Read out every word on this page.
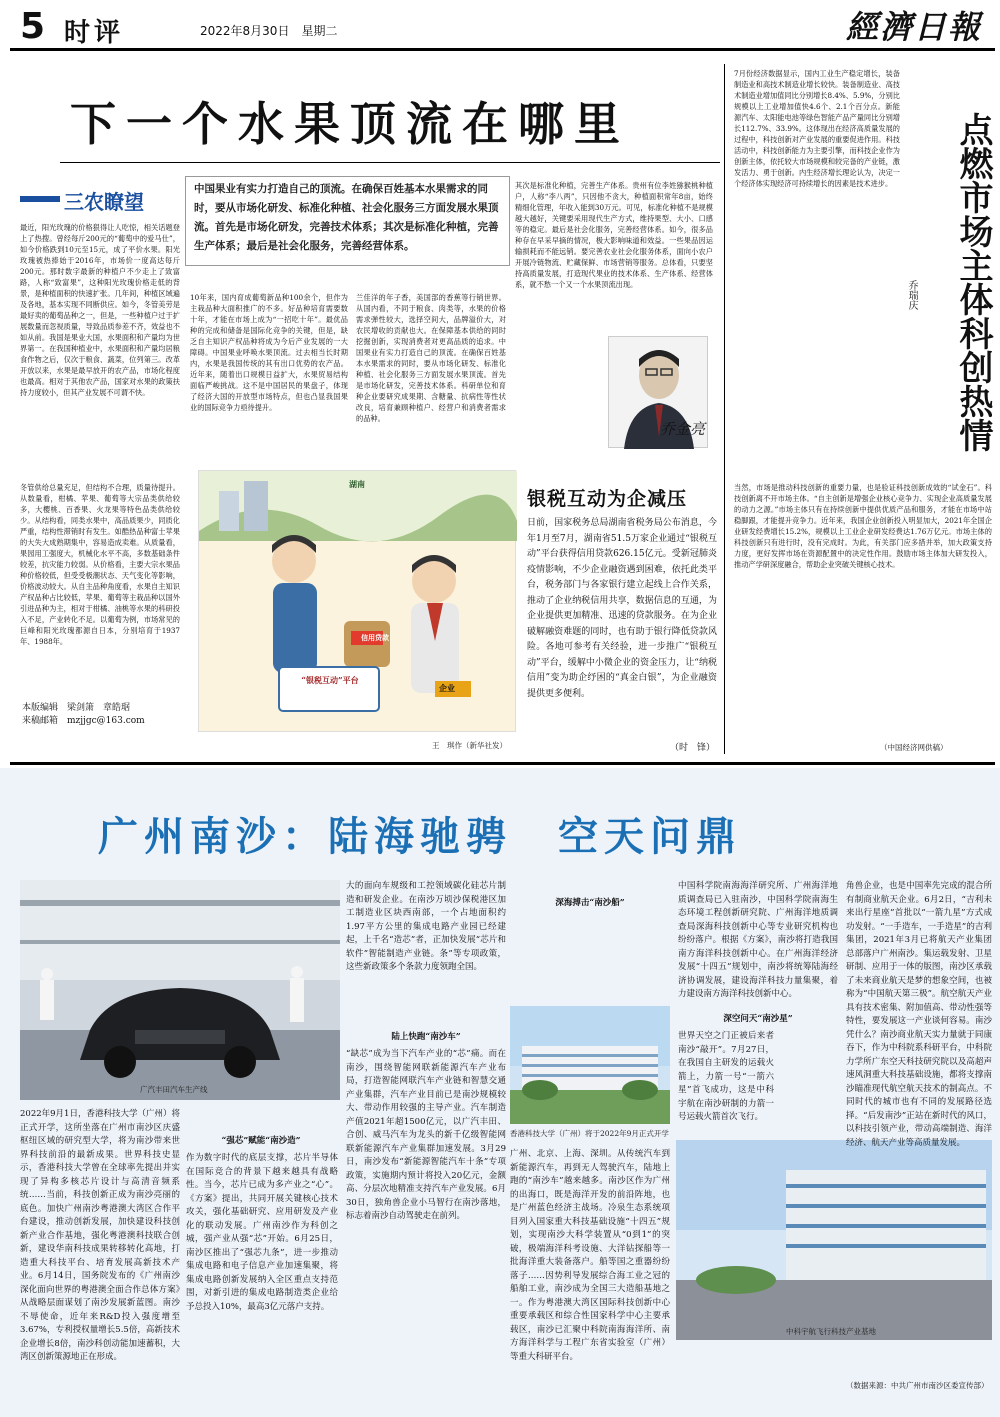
5 时评	2022年8月30日　星期二	經濟日報
下一个水果顶流在哪里
三农瞭望
中国果业有实力打造自己的顶流。在确保百姓基本水果需求的同时，要从市场化研发、标准化种植、社会化服务三方面发展水果顶流。首先是市场化研发，完善技术体系；其次是标准化种植，完善生产体系；最后是社会化服务，完善经营体系。
最近，阳光玫瑰的价格狠得让人吃惊，相关话题登上了热搜。曾经每斤200元的“葡萄中的爱马仕”，如今价格跌到10元至15元，成了平价水果。阳光玫瑰被热捧始于2016年，市场价一度高达每斤200元。那时数字最新的种植户不少走上了致富路，人称“致富果”，这种阳光玫瑰价格走低的背景，是种植面积的快速扩张。几年间，种植区域遍及各地，基本实现不同断供应。如今，冬管美劳是最好卖的葡萄品种之一，但是，一些种植户过于扩展数量而忽视质量，导致品质参差不齐，效益也不如从前。我国是果业大国，水果面积和产量均为世界第一。在我国种植业中，水果面积和产量均居粮食作物之后，仅次于粮食、蔬菜，位列第三。改革开放以来，水果是最早放开的农产品，市场化程度也最高。相对于其他农产品，国家对水果的政策扶持力度较小，但其产业发展不可谓不快。
冬管供给总量充足，但结构不合理，质量待提升。从数量看，柑橘、苹果、葡萄等大宗品类供给较多，大樱桃、百香果、火龙果等特色品类供给较少。从结构看，同类水果中，高品质果少，同质化严重，结构性滞销时有发生。如酷热品种富士苹果的大失大成熟期集中，容易造成卖难。从质量看，果园用工强度大，机械化水平不高，多数基础条件较差，抗灾能力较弱。从价格看，主要大宗水果品种价格较低，但受受极潮状态、天气变化等影响，价格波动较大。从自主品种角度看，水果自主知识产权品种占比较低，苹果、葡萄等主栽品种以国外引进品种为主，相对于柑橘、油桃等水果的科研投入不足，产业转化不足。以葡萄为例，市场常见的巨峰和阳光玫瑰都源自日本，分别培育于1937年、1988年。
10年来，国内育成葡萄新品种100余个，但作为主栽品种大面积推广的不多。好品种培育需要数十年，才能在市场上成为“一招吃十年”。最优品种的完成和储备是国际化竞争的关键，但是，缺乏自主知识产权品种将成为今后产业发展的一大障碍。中国果业呼唤水果顶流。过去相当长时期内，水果是我国传统的其有出口优势的农产品。近年来，随着出口规模日益扩大，水果贸易结构面临严峻挑战。这不是中国居民的果盘子，体现了经济大国的开放型市场特点，但也凸显我国果业的国际竞争力亟待提升。
兰佳洋的年子香，美国部的香蕉等行销世界。从国内看，不同于粮食、肉类等，水果的价格需求弹性较大，选择空间大，品牌溢价大，对农民增收的贡献也大。在保障基本供给的同时挖掘创新，实现消费者对更高品质的追求。中国果业有实力打造自己的顶流。在确保百姓基本水果需求的同时，要从市场化研发、标准化种植、社会化服务三方面发展水果顶流。首先是市场化研发，完善技术体系。科研单位和育种企业要研究成果期、含糖量、抗病性等性状改良，培育兼顾种植户、经营户和消费者需求的品种。
其次是标准化种植，完善生产体系。贵州有位李姓猕猴桃种植户，人称“李八两”，只因他不贪大，种植面积常年8亩，始终精细化管理，年收入能到30万元。可见，标准化种植不是规模越大越好，关键要采用现代生产方式，维持果型、大小、口感等的稳定。最后是社会化服务，完善经营体系。如今，很多品种存在早采早摘的情况，极大影响味道和效益。一些果品因运输损耗而不能远销。要完善农业社会化服务体系，面向小农户开展冷链物流、贮藏保鲜、市场营销等服务。总体看，只要坚持高质量发展，打造现代果业的技术体系、生产体系、经营体系，就不愁一个又一个水果顶流出现。
乔金亮
信用贷款
“银税互动”平台
企业
湖南
王　琪作（新华社发）
银税互动为企减压
日前，国家税务总局湖南省税务局公布消息，今年1月至7月，湖南省51.5万家企业通过“银税互动”平台获得信用贷款626.15亿元。受新冠肺炎疫情影响，不少企业融资遇到困难，依托此类平台，税务部门与各家银行建立起线上合作关系，推动了企业纳税信用共享，数据信息的互通，为企业提供更加精准、迅速的贷款服务。在为企业破解融资难题的同时，也有助于银行降低贷款风险。各地可参考有关经验，进一步推广“银税互动”平台，缓解中小微企业的资金压力，让“纳税信用”变为助企纾困的“真金白银”，为企业融资提供更多便利。
（时　锋）
点燃市场主体科创热情
乔瑞庆
7月份经济数据显示，国内工业生产稳定增长，装备制造业和高技术制造业增长较快。装备制造业、高技术制造业增加值同比分别增长8.4%、5.9%，分别比规模以上工业增加值快4.6个、2.1个百分点。新能源汽车、太阳能电池等绿色智能产品产量同比分别增长112.7%、33.9%。这体现出在经济高质量发展的过程中，科技创新对产业发展的重要促进作用。科技活动中，科技创新能力为主要引擎，而科技企业作为创新主体，依托较大市场规模和较完备的产业链，激发活力、勇于创新。内生经济增长理论认为，决定一个经济体实现经济可持续增长的因素是技术进步。
当然，市场是推动科技创新的重要力量，也是验证科技创新成效的“试金石”。科技创新离不开市场主体。“自主创新是增强企业核心竞争力、实现企业高质量发展的动力之源。”市场主体只有在持续创新中提供优质产品和服务，才能在市场中站稳脚跟，才能提升竞争力。近年来，我国企业创新投入明显加大，2021年全国企业研发经费增长15.2%，规模以上工业企业研发经费达1.76万亿元。市场主体的科技创新只有进行时，没有完成时。为此，有关部门应多措并举，加大政策支持力度，更好发挥市场在资源配置中的决定性作用。鼓励市场主体加大研发投入，推动产学研深度融合，帮助企业突破关键核心技术。
（中国经济网供稿）
本版编辑　梁剑箫　章皓琚
来稿邮箱　mzjjgc@163.com
广州南沙：陆海驰骋　空天问鼎
广汽丰田汽车生产线
2022年9月1日，香港科技大学（广州）将正式开学，这所坐落在广州市南沙区庆盛枢纽区域的研究型大学，将为南沙带来世界科技前沿的最新成果。世界科技史显示，香港科技大学曾在全球率先提出并实现了异构多核芯片设计与高清音频系统……当前，科技创新正成为南沙亮丽的底色。加快广州南沙粤港澳大湾区合作平台建设，推动创新发展，加快建设科技创新产业合作基地，强化粤港澳科技联合创新，建设华南科技成果转移转化高地，打造重大科技平台、培育发展高新技术产业。6月14日，国务院发布的《广州南沙深化面向世界的粤港澳全面合作总体方案》从战略层面谋划了南沙发展新蓝图。南沙不辱使命，近年来R&D投入强度增至3.67%，专利授权量增长5.5倍，高新技术企业增长8倍，南沙科创动能加速蓄积，大湾区创新策源地正在形成。
大的面向车规级和工控领域碳化硅芯片制造和研发企业。在南沙万顷沙保税港区加工制造业区块西南部，一个占地面积约1.97平方公里的集成电路产业园已经建起，上千名“造芯”者，正加快发展“芯片和软件”智能制造产业链。条”等专项政策，这些新政策多个条款力度领跑全国。
“强芯”赋能“南沙造”
作为数字时代的底层支撑，芯片半导体在国际竞合的背景下越来越具有战略性。当今，芯片已成为多产业之“心”。《方案》提出，共同开展关键核心技术攻关，强化基础研究、应用研发及产业化的联动发展。广州南沙作为科创之城，强产业从强“芯”开始。6月25日，南沙区推出了“强芯九条”，进一步推动集成电路和电子信息产业加速集聚，将集成电路创新发展纳入全区重点支持范围，对新引进的集成电路制造类企业给予总投入10%，最高3亿元落户支持。
陆上快跑“南沙车”
“缺芯”成为当下汽车产业的“芯”痛。而在南沙，围绕智能网联新能源汽车产业布局，打造智能网联汽车产业链和智慧交通产业集群，汽车产业目前已是南沙规模较大、带动作用较强的主导产业。汽车制造产值2021年超1500亿元，以广汽丰田、合创、威马汽车为龙头的新千亿级智能网联新能源汽车产业集群加速发展。3月29日，南沙发布“新能源智能汽车十条”专项政策，实施期内预计将投入20亿元，金额高、分层次地精准支持汽车产业发展。6月30日，独角兽企业小马智行在南沙落地，标志着南沙自动驾驶走在前列。
深海搏击“南沙船”
香港科技大学（广州）将于2022年9月正式开学
广州、北京、上海、深圳。从传统汽车到新能源汽车，再到无人驾驶汽车，陆地上跑的“南沙车”越来越多。南沙区作为广州的出海口，既是海洋开发的前沿阵地，也是广州蓝色经济主战场。冷泉生态系统项目列入国家重大科技基础设施“十四五”规划，实现南沙大科学装置从“0到1”的突破，极端海洋科考设施、大洋钻探船等一批海洋重大装备落户。船等国之重器纷纷落子……因势利导发展综合海工业之冠的船舶工业，南沙成为全国三大造船基地之一。作为粤港澳大湾区国际科技创新中心重要承载区和综合性国家科学中心主要承载区，南沙已汇聚中科院南海海洋所、南方海洋科学与工程广东省实验室（广州）等重大科研平台。
中国科学院南海海洋研究所、广州海洋地质调查局已入驻南沙，中国科学院南海生态环境工程创新研究院、广州海洋地质调查局深海科技创新中心等专业研究机构也纷纷落户。根据《方案》，南沙将打造我国南方海洋科技创新中心。在广州海洋经济发展“十四五”规划中，南沙将统筹陆海经济协调发展，建设海洋科技力量集聚，着力建设南方海洋科技创新中心。
深空问天“南沙星”
世界天空之门正被后来者南沙“敲开”。7月27日，在我国自主研发的运载火箭上，力箭一号“一箭六星”首飞成功，这是中科宇航在南沙研制的力箭一号运载火箭首次飞行。
中科宇航飞行科技产业基地
角兽企业，也是中国率先完成的混合所有制商业航天企业。6月2日，“吉利未来出行星座”首批以“一箭九星”方式成功发射。“一手造车，一手造星”的吉利集团，2021年3月已将航天产业集团总部落户广州南沙。集运载发射、卫星研制、应用于一体的版图，南沙区承载了未来商业航天是梦的想象空间，也被称为“中国航天第三极”。航空航天产业具有技术密集、附加值高、带动性强等特性，要发展这一产业谈何容易。南沙凭什么？南沙商业航天实力量就于同康吞下，作为中科院系科研平台，中科院力学所广东空天科技研究院以及高超声速风洞重大科技基础设施，都将支撑南沙瞄准现代航空航天技术的制高点。不同时代的城市也有不同的发展路径选择。“后发南沙”正站在新时代的风口，以科技引领产业，带动高端制造、海洋经济、航天产业等高质量发展。
（数据来源：中共广州市南沙区委宣传部）
